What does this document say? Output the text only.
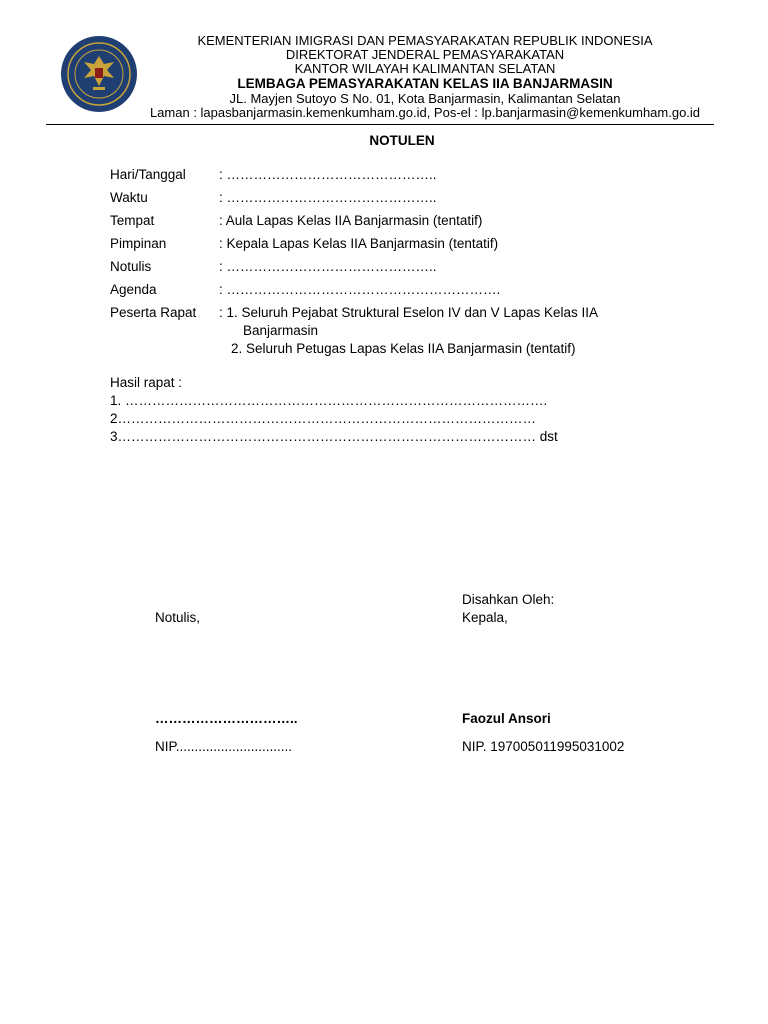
KEMENTERIAN IMIGRASI DAN PEMASYARAKATAN REPUBLIK INDONESIA
DIREKTORAT JENDERAL PEMASYARAKATAN
KANTOR WILAYAH KALIMANTAN SELATAN
LEMBAGA PEMASYARAKATAN KELAS IIA BANJARMASIN
JL. Mayjen Sutoyo S No. 01, Kota Banjarmasin, Kalimantan Selatan
Laman : lapasbanjarmasin.kemenkumham.go.id, Pos-el : lp.banjarmasin@kemenkumham.go.id
NOTULEN
Hari/Tanggal : ………………………………………..
Waktu	: ………………………………………..
Tempat	: Aula Lapas Kelas IIA Banjarmasin (tentatif)
Pimpinan	: Kepala Lapas Kelas IIA Banjarmasin (tentatif)
Notulis	: ………………………………………..
Agenda	: …………………………………………………….
Peserta Rapat : 1. Seluruh Pejabat Struktural Eselon IV dan V Lapas Kelas IIA
Banjarmasin
2. Seluruh Petugas Lapas Kelas IIA Banjarmasin (tentatif)
Hasil rapat :
1. ………………………………………………………………………………….
2…………………………………………………………………………………
3………………………………………………………………………………… dst
Disahkan Oleh:
Notulis,	Kepala,
…………………………..	Faozul Ansori
NIP...............................	NIP. 197005011995031002
